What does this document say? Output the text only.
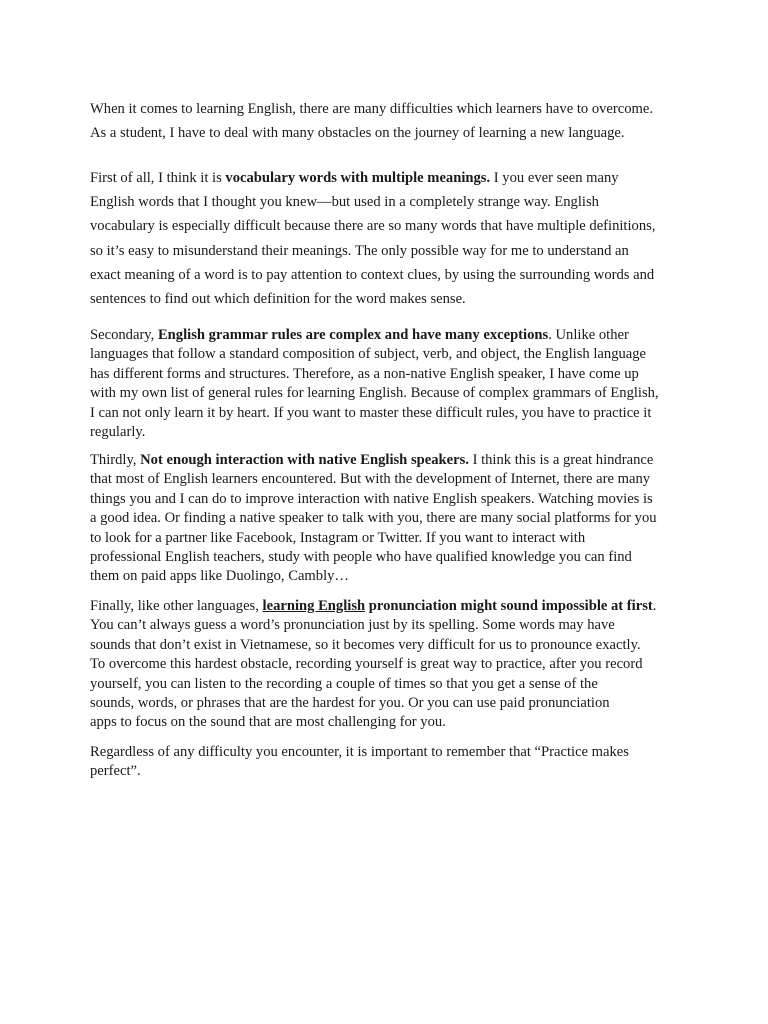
When it comes to learning English, there are many difficulties which learners have to overcome.
As a student, I have to deal with many obstacles on the journey of learning a new language.

First of all, I think it is vocabulary words with multiple meanings. I you ever seen many
English words that I thought you knew—but used in a completely strange way. English
vocabulary is especially difficult because there are so many words that have multiple definitions,
so it’s easy to misunderstand their meanings. The only possible way for me to understand an
exact meaning of a word is to pay attention to context clues, by using the surrounding words and
sentences to find out which definition for the word makes sense.

Secondary, English grammar rules are complex and have many exceptions. Unlike other
languages that follow a standard composition of subject, verb, and object, the English language
has different forms and structures. Therefore, as a non-native English speaker, I have come up
with my own list of general rules for learning English. Because of complex grammars of English,
I can not only learn it by heart. If you want to master these difficult rules, you have to practice it
regularly.

Thirdly, Not enough interaction with native English speakers. I think this is a great hindrance
that most of English learners encountered. But with the development of Internet, there are many
things you and I can do to improve interaction with native English speakers. Watching movies is
a good idea. Or finding a native speaker to talk with you, there are many social platforms for you
to look for a partner like Facebook, Instagram or Twitter. If you want to interact with
professional English teachers, study with people who have qualified knowledge you can find
them on paid apps like Duolingo, Cambly…

Finally, like other languages, learning English pronunciation might sound impossible at first.
You can’t always guess a word’s pronunciation just by its spelling. Some words may have
sounds that don’t exist in Vietnamese, so it becomes very difficult for us to pronounce exactly.
To overcome this hardest obstacle, recording yourself is great way to practice, after you record
yourself, you can listen to the recording a couple of times so that you get a sense of the
sounds, words, or phrases that are the hardest for you. Or you can use paid pronunciation
apps to focus on the sound that are most challenging for you.

Regardless of any difficulty you encounter, it is important to remember that “Practice makes
perfect”.
